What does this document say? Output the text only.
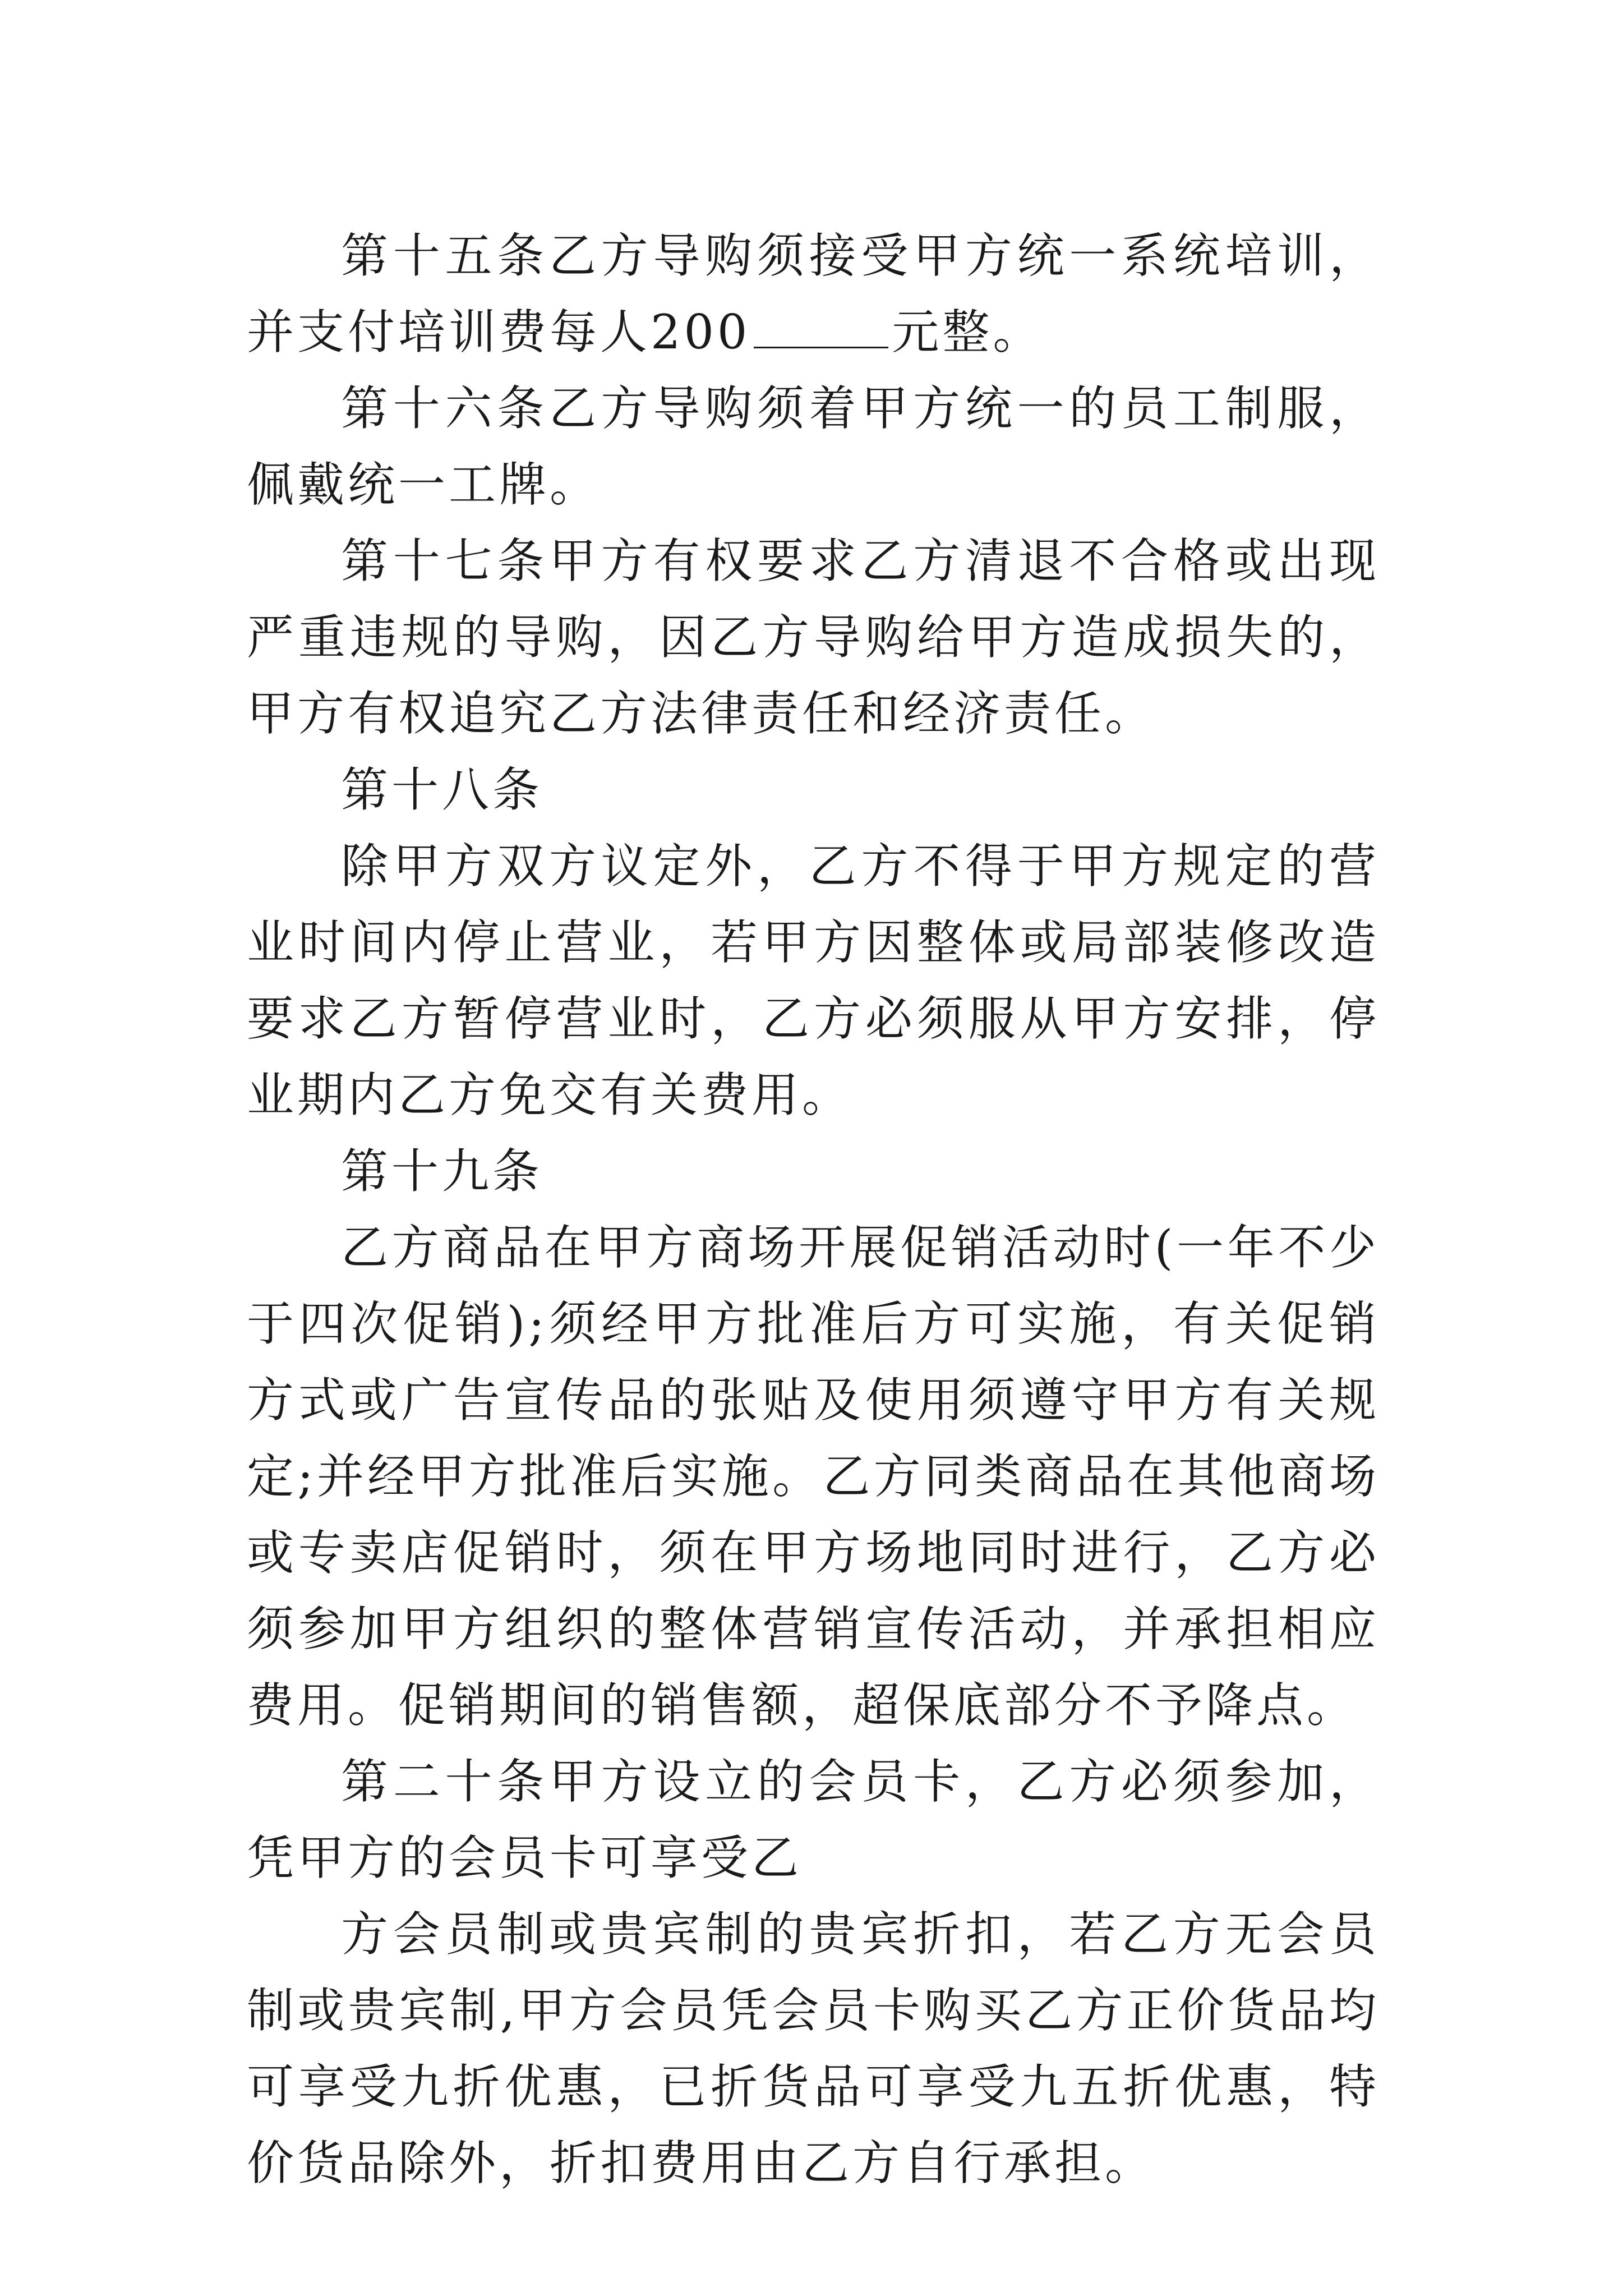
第十五条乙方导购须接受甲方统一系统培训，并支付培训费每人200	元整。

第十六条乙方导购须着甲方统一的员工制服，佩戴统一工牌。

第十七条甲方有权要求乙方清退不合格或出现严重违规的导购，因乙方导购给甲方造成损失的，甲方有权追究乙方法律责任和经济责任。

第十八条

除甲方双方议定外，乙方不得于甲方规定的营业时间内停止营业，若甲方因整体或局部装修改造要求乙方暂停营业时，乙方必须服从甲方安排，停业期内乙方免交有关费用。

第十九条

乙方商品在甲方商场开展促销活动时(一年不少于四次促销);须经甲方批准后方可实施，有关促销方式或广告宣传品的张贴及使用须遵守甲方有关规定;并经甲方批准后实施。乙方同类商品在其他商场或专卖店促销时，须在甲方场地同时进行，乙方必须参加甲方组织的整体营销宣传活动，并承担相应费用。促销期间的销售额，超保底部分不予降点。

第二十条甲方设立的会员卡，乙方必须参加，凭甲方的会员卡可享受乙

方会员制或贵宾制的贵宾折扣，若乙方无会员制或贵宾制,甲方会员凭会员卡购买乙方正价货品均可享受九折优惠，已折货品可享受九五折优惠，特价货品除外，折扣费用由乙方自行承担。
